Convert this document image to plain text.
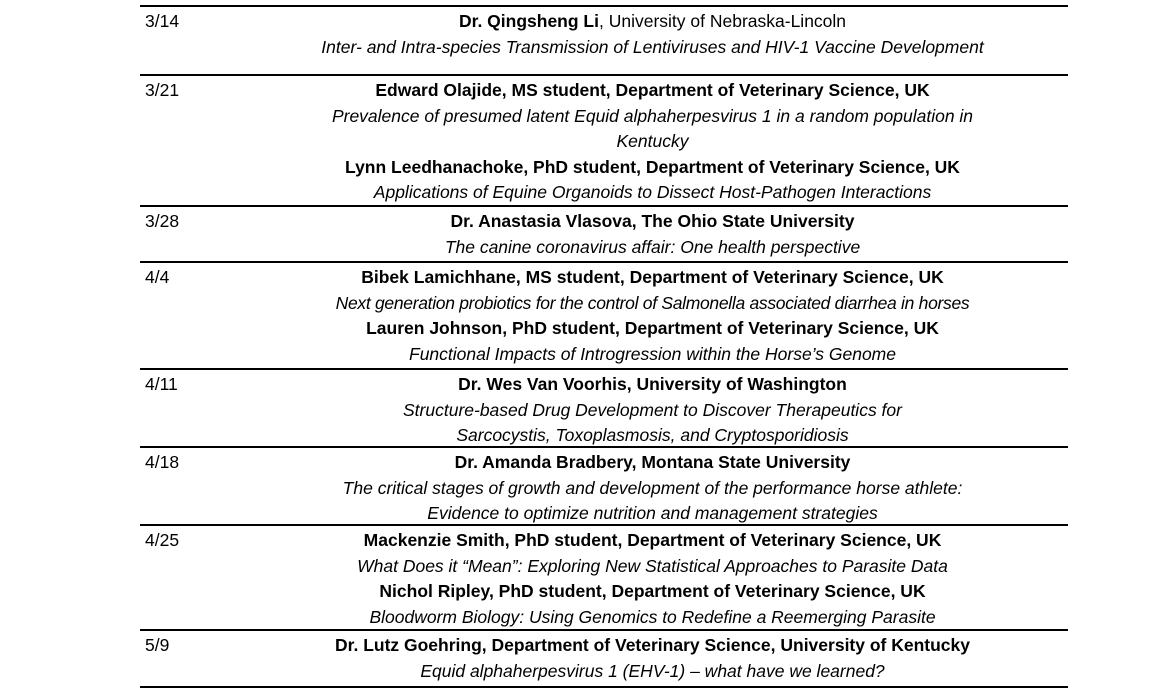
3/14	Dr. Qingsheng Li, University of Nebraska-Lincoln
Inter- and Intra-species Transmission of Lentiviruses and HIV-1 Vaccine Development
3/21	Edward Olajide, MS student, Department of Veterinary Science, UK
Prevalence of presumed latent Equid alphaherpesvirus 1 in a random population in Kentucky
Lynn Leedhanachoke, PhD student, Department of Veterinary Science, UK
Applications of Equine Organoids to Dissect Host-Pathogen Interactions
3/28	Dr. Anastasia Vlasova, The Ohio State University
The canine coronavirus affair: One health perspective
4/4	Bibek Lamichhane, MS student, Department of Veterinary Science, UK
Next generation probiotics for the control of Salmonella associated diarrhea in horses
Lauren Johnson, PhD student, Department of Veterinary Science, UK
Functional Impacts of Introgression within the Horse’s Genome
4/11	Dr. Wes Van Voorhis, University of Washington
Structure-based Drug Development to Discover Therapeutics for Sarcocystis, Toxoplasmosis, and Cryptosporidiosis
4/18	Dr. Amanda Bradbery, Montana State University
The critical stages of growth and development of the performance horse athlete: Evidence to optimize nutrition and management strategies
4/25	Mackenzie Smith, PhD student, Department of Veterinary Science, UK
What Does it “Mean”: Exploring New Statistical Approaches to Parasite Data
Nichol Ripley, PhD student, Department of Veterinary Science, UK
Bloodworm Biology: Using Genomics to Redefine a Reemerging Parasite
5/9	Dr. Lutz Goehring, Department of Veterinary Science, University of Kentucky
Equid alphaherpesvirus 1 (EHV-1) – what have we learned?
